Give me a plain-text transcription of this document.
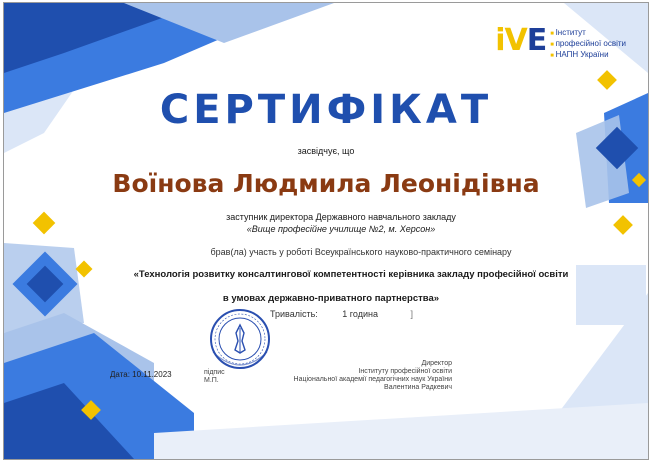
iVE
■	Інститут
■ професійної освіти
■ НАПН України
СЕРТИФІКАТ
засвідчує, що
Воїнова Людмила Леонідівна
заступник директора Державного навчального закладу
«Вище професійне училище №2, м. Херсон»
брав(ла) участь у роботі Всеукраїнського науково-практичного семінару
«Технологія розвитку консалтингової компетентності керівника закладу професійної освіти
в умовах державно-приватного партнерства»
Тривалість:	1 година	]
Дата: 10.11.2023	підпис
М.П.
Директор
Інституту професійної освіти
Національної академії педагогічних наук України
Валентина Радкевич
